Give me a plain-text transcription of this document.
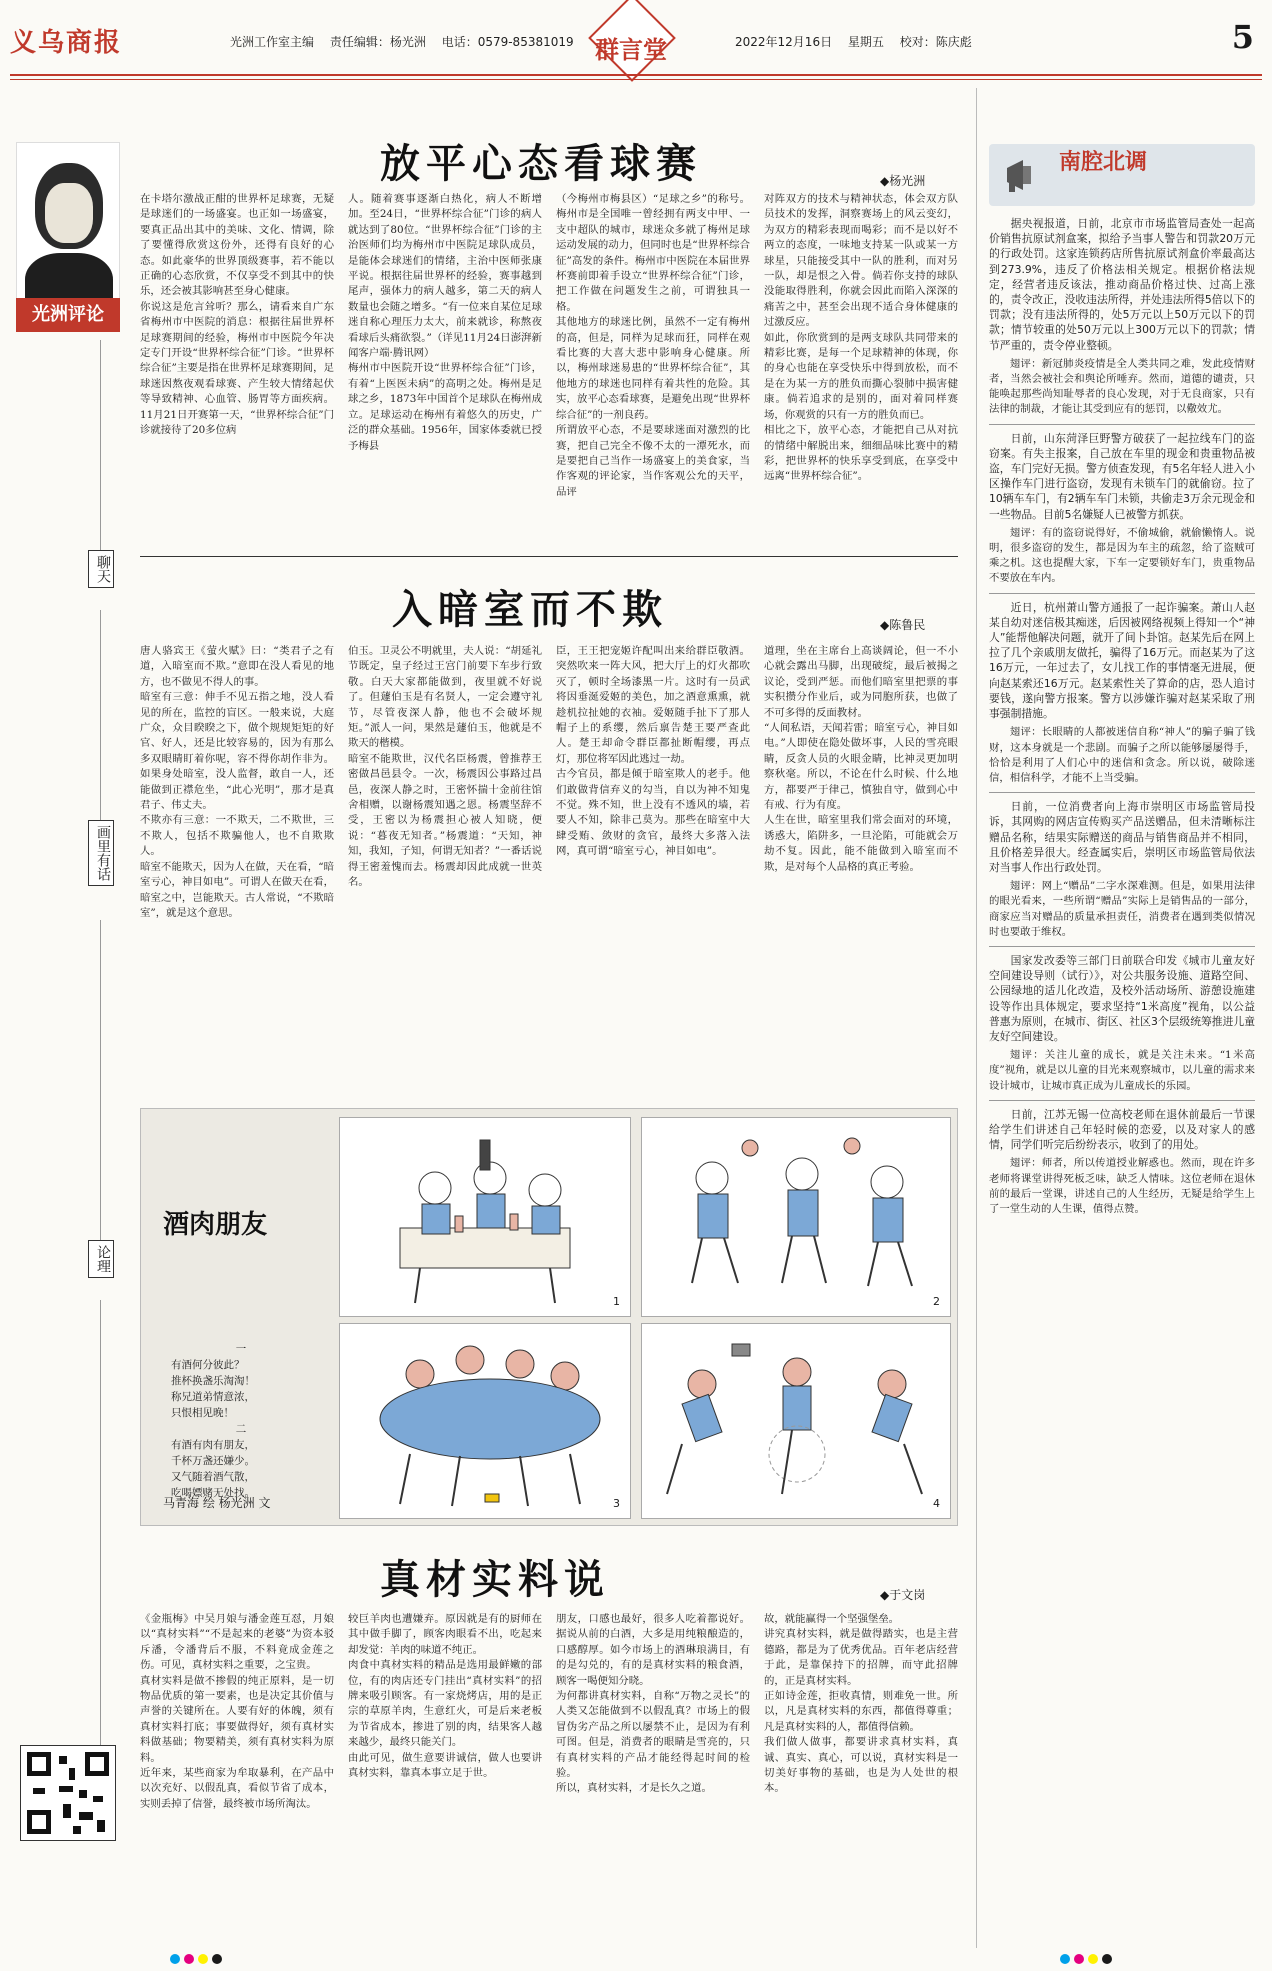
义乌商报	光洲工作室主编 责任编辑：杨光洲 电话：0579-85381019 群言堂	2022年12月16日 星期五 校对：陈庆彪	5
光洲评论
聊天
画里有话
论理
放平心态看球赛	◆杨光洲
在卡塔尔激战正酣的世界杯足球赛，无疑是球迷们的一场盛宴。也正如一场盛宴，要真正品出其中的美味、文化、情调，除了要懂得欣赏这份外，还得有良好的心态。如此豪华的世界顶级赛事，若不能以正确的心态欣赏，不仅享受不到其中的快乐，还会被其影响甚至身心健康。
你说这是危言耸听？那么，请看来自广东省梅州市中医院的消息：根据往届世界杯足球赛期间的经验，梅州市中医院今年决定专门开设“世界杯综合征”门诊。“世界杯综合征”主要是指在世界杯足球赛期间，足球迷因熬夜观看球赛、产生较大情绪起伏等导致精神、心血管、肠胃等方面疾病。11月21日开赛第一天，“世界杯综合征”门诊就接待了20多位病
人。随着赛事逐渐白热化，病人不断增加。至24日，“世界杯综合征”门诊的病人就达到了80位。“世界杯综合征”门诊的主治医师们均为梅州市中医院足球队成员，是能体会球迷们的情绪，主治中医师张康平说。根据往届世界杯的经验，赛事越到尾声，强体力的病人越多，第二天的病人数量也会随之增多。“有一位来自某位足球迷自称心理压力太大，前来就诊，称熬夜看球后头痛欲裂。”（详见11月24日澎湃新闻客户端·腾讯网）
梅州市中医院开设“世界杯综合征”门诊，有着“上医医未病”的高明之处。梅州是足球之乡，1873年中国首个足球队在梅州成立。足球运动在梅州有着悠久的历史，广泛的群众基础。1956年，国家体委就已授予梅县
（今梅州市梅县区）“足球之乡”的称号。梅州市是全国唯一曾经拥有两支中甲、一支中超队的城市，球迷众多就了梅州足球运动发展的动力，但同时也是“世界杯综合征”高发的条件。梅州市中医院在本届世界杯赛前即着手设立“世界杯综合征”门诊，把工作做在问题发生之前，可谓独具一格。
其他地方的球迷比例，虽然不一定有梅州的高，但是，同样为足球而狂，同样在观看比赛的大喜大悲中影响身心健康。所以，梅州球迷易患的“世界杯综合征”，其他地方的球迷也同样有着共性的危险。其实，放平心态看球赛，是避免出现“世界杯综合征”的一剂良药。
所谓放平心态，不是要球迷面对激烈的比赛，把自己完全不像不太的一潭死水，而是要把自己当作一场盛宴上的美食家，当作客观的评论家，当作客观公允的天平，品评
对阵双方的技术与精神状态，体会双方队员技术的发挥，洞察赛场上的风云变幻，为双方的精彩表现而喝彩；而不是以好不两立的态度，一味地支持某一队或某一方球星，只能接受其中一队的胜利，而对另一队，却是恨之入骨。倘若你支持的球队没能取得胜利，你就会因此而陷入深深的痛苦之中，甚至会出现不适合身体健康的过激反应。
如此，你欣赏到的是两支球队共同带来的精彩比赛，是每一个足球精神的体现，你的身心也能在享受快乐中得到放松，而不是在为某一方的胜负而撕心裂肺中损害健康。倘若追求的是别的，面对着同样赛场，你观赏的只有一方的胜负而已。
相比之下，放平心态，才能把自己从对抗的情绪中解脱出来，细细品味比赛中的精彩，把世界杯的快乐享受到底，在享受中远离“世界杯综合征”。
入暗室而不欺	◆陈鲁民
唐人骆宾王《萤火赋》曰：“类君子之有道，入暗室而不欺。”意即在没人看见的地方，也不做见不得人的事。
暗室有三意：伸手不见五指之地，没人看见的所在，监控的盲区。一般来说，大庭广众，众目睽睽之下，做个规规矩矩的好官、好人，还是比较容易的，因为有那么多双眼睛盯着你呢，容不得你胡作非为。如果身处暗室，没人监督，敢自一人，还能做到正襟危坐，“此心光明”，那才是真君子、伟丈夫。
不欺亦有三意：一不欺天，二不欺世，三不欺人，包括不欺骗他人，也不自欺欺人。
暗室不能欺天，因为人在做，天在看，“暗室亏心，神目如电”。可谓人在做天在看，暗室之中，岂能欺天。古人常说，“不欺暗室”，就是这个意思。
伯玉。卫灵公不明就里，夫人说：“胡延礼节既定，皇子经过王宫门前要下车步行致敬。白天大家都能做到，夜里就不好说了。但蘧伯玉是有名贤人，一定会遵守礼节，尽管夜深人静，他也不会破坏规矩。”派人一问，果然是蘧伯玉，他就是不欺天的楷模。
暗室不能欺世，汉代名臣杨震，曾推荐王密做昌邑县令。一次，杨震因公事路过昌邑，夜深人静之时，王密怀揣十金前往馆舍相赠，以谢杨震知遇之恩。杨震坚辞不受，王密以为杨震担心被人知晓，便说：“暮夜无知者。”杨震道：“天知，神知，我知，子知，何谓无知者？”一番话说得王密羞愧而去。杨震却因此成就一世英名。
臣，王王把宠姬许配叫出来给群臣敬酒。突然吹来一阵大风，把大厅上的灯火都吹灭了，顿时全场漆黑一片。这时有一员武将因垂涎爱姬的美色，加之酒意熏熏，就趁机拉扯她的衣袖。爱姬随手扯下了那人帽子上的系缨，然后禀告楚王要严查此人。楚王却命令群臣都扯断帽缨，再点灯，那位将军因此逃过一劫。
古今官员，都是倾于暗室欺人的老手。他们敢做背信弃义的勾当，自以为神不知鬼不觉。殊不知，世上没有不透风的墙，若要人不知，除非己莫为。那些在暗室中大肆受贿、敛财的贪官，最终大多落入法网，真可谓“暗室亏心，神目如电”。
道理，坐在主席台上高谈阔论，但一不小心就会露出马脚，出现破绽，最后被揭之议论，受到严惩。而他们暗室里把票的事实积攒分作业后，或为同胞所获，也做了不可多得的反面教材。
“人间私语，天闻若雷；暗室亏心，神目如电。”人即使在隐处做坏事，人民的雪亮眼睛，反贪人员的火眼金睛，比神灵更加明察秋毫。所以，不论在什么时候、什么地方，都要严于律己，慎独自守，做到心中有戒、行为有度。
人生在世，暗室里我们常会面对的环境，诱惑大，陷阱多，一旦沦陷，可能就会万劫不复。因此，能不能做到入暗室而不欺，是对每个人品格的真正考验。
酒肉朋友
一
有酒何分彼此？
推杯换盏乐淘淘！
称兄道弟情意浓，
只恨相见晚！
二
有酒有肉有朋友，
千杯万盏还嫌少。
又气随着酒气散，
吃喝嫖赌无处找。
马青海 绘 杨光洲 文
1	2
3	4
真材实料说	◆于文岗
《金瓶梅》中吴月娘与潘金莲互怼，月娘以“真材实料”“不是起来的老婆”为资本驳斥潘，令潘背后不服，不料竟成金莲之伤。可见，真材实料之重要，之宝贵。
真材实料是做不掺假的纯正原料，是一切物品优质的第一要素，也是决定其价值与声誉的关键所在。人要有好的体魄，须有真材实料打底；事要做得好，须有真材实料做基础；物要精美，须有真材实料为原料。
近年来，某些商家为牟取暴利，在产品中以次充好、以假乱真，看似节省了成本，实则丢掉了信誉，最终被市场所淘汰。
较巨羊肉也遭嫌弃。原因就是有的厨师在其中做手脚了，顾客肉眼看不出，吃起来却发觉：羊肉的味道不纯正。
肉食中真材实料的精品是选用最鲜嫩的部位，有的肉店还专门挂出“真材实料”的招牌来吸引顾客。有一家烧烤店，用的是正宗的草原羊肉，生意红火，可是后来老板为节省成本，掺进了别的肉，结果客人越来越少，最终只能关门。
由此可见，做生意要讲诚信，做人也要讲真材实料，靠真本事立足于世。
朋友，口感也最好，很多人吃着都说好。据说从前的白酒，大多是用纯粮酿造的，口感醇厚。如今市场上的酒琳琅满目，有的是勾兑的，有的是真材实料的粮食酒，顾客一喝便知分晓。
为何都讲真材实料，自称“万物之灵长”的人类又怎能做到不以假乱真？市场上的假冒伪劣产品之所以屡禁不止，是因为有利可图。但是，消费者的眼睛是雪亮的，只有真材实料的产品才能经得起时间的检验。
所以，真材实料，才是长久之道。
故，就能赢得一个坚强堡垒。
讲究真材实料，就是做得踏实，也是主营德路，都是为了优秀优品。百年老店经营于此，是靠保持下的招牌，而守此招牌的，正是真材实料。
正如诗金莲，拒收真情，则难免一世。所以，凡是真材实料的东西，都值得尊重；凡是真材实料的人，都值得信赖。
我们做人做事，都要讲求真材实料，真诚、真实、真心，可以说，真材实料是一切美好事物的基础，也是为人处世的根本。
南腔北调

据央视报道，日前，北京市市场监管局查处一起高价销售抗原试剂盒案，拟给予当事人警告和罚款20万元的行政处罚。这家连锁药店所售抗原试剂盒价率最高达到273.9%，违反了价格法相关规定。根据价格法规定，经营者违反该法，推动商品价格过快、过高上涨的，责令改正，没收违法所得，并处违法所得5倍以下的罚款；没有违法所得的，处5万元以上50万元以下的罚款；情节较重的处50万元以上300万元以下的罚款；情节严重的，责令停业整顿。

翅评：新冠肺炎疫情是全人类共同之难，发此疫情财者，当然会被社会和舆论所唾弃。然而，道德的谴责，只能唤起那些尚知耻辱者的良心发现，对于无良商家，只有法律的制裁，才能让其受到应有的惩罚，以儆效尤。

日前，山东菏泽巨野警方破获了一起拉线车门的盗窃案。有失主报案，自己放在车里的现金和贵重物品被盗，车门完好无损。警方侦查发现，有5名年轻人进入小区操作车门进行盗窃，发现有未锁车门的就偷窃。拉了10辆车车门，有2辆车车门未锁，共偷走3万余元现金和一些物品。目前5名嫌疑人已被警方抓获。

翅评：有的盗窃说得好，不偷城偷，就偷懒惰人。说明，很多盗窃的发生，都是因为车主的疏忽，给了盗贼可乘之机。这也提醒大家，下车一定要锁好车门，贵重物品不要放在车内。

近日，杭州萧山警方通报了一起诈骗案。萧山人赵某自幼对迷信极其痴迷，后因被网络视频上得知一个“神人”能帮他解决问题，就开了间卜卦馆。赵某先后在网上拉了几个亲戚朋友做托，骗得了16万元。而赵某为了这16万元，一年过去了，女儿找工作的事情毫无进展，便向赵某索还16万元。赵某索性关了算命的店，恐人追讨要钱，遂向警方报案。警方以涉嫌诈骗对赵某采取了刑事强制措施。

翅评：长眼睛的人都被迷信自称“神人”的骗子骗了钱财，这本身就是一个悲剧。而骗子之所以能够屡屡得手，恰恰是利用了人们心中的迷信和贪念。所以说，破除迷信，相信科学，才能不上当受骗。

日前，一位消费者向上海市崇明区市场监管局投诉，其网购的网店宣传购买产品送赠品，但未清晰标注赠品名称，结果实际赠送的商品与销售商品并不相同，且价格差异很大。经查属实后，崇明区市场监管局依法对当事人作出行政处罚。

翅评：网上“赠品”二字水深难测。但是，如果用法律的眼光看来，一些所谓“赠品”实际上是销售品的一部分，商家应当对赠品的质量承担责任，消费者在遇到类似情况时也要敢于维权。

国家发改委等三部门日前联合印发《城市儿童友好空间建设导则（试行）》，对公共服务设施、道路空间、公园绿地的适儿化改造，及校外活动场所、游憩设施建设等作出具体规定，要求坚持“1米高度”视角，以公益普惠为原则，在城市、街区、社区3个层级统筹推进儿童友好空间建设。

翅评：关注儿童的成长，就是关注未来。“1米高度”视角，就是以儿童的目光来观察城市，以儿童的需求来设计城市，让城市真正成为儿童成长的乐园。

日前，江苏无锡一位高校老师在退休前最后一节课给学生们讲述自己年轻时候的恋爱，以及对家人的感情，同学们听完后纷纷表示，收到了的用处。

翅评：师者，所以传道授业解惑也。然而，现在许多老师将课堂讲得死板乏味，缺乏人情味。这位老师在退休前的最后一堂课，讲述自己的人生经历，无疑是给学生上了一堂生动的人生课，值得点赞。
